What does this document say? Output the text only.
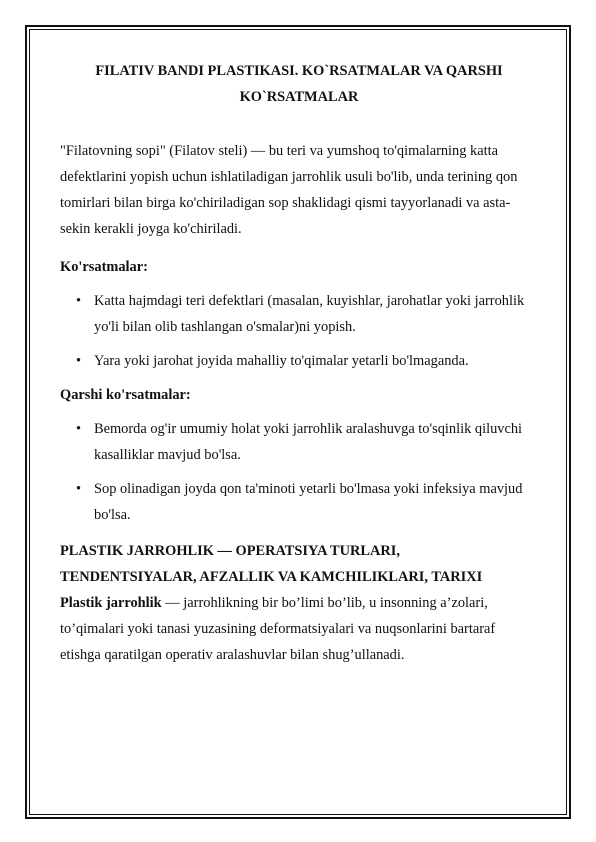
FILATIV BANDI PLASTIKASI. KO`RSATMALAR VA QARSHI KO`RSATMALAR

"Filatovning sopi" (Filatov steli) — bu teri va yumshoq to'qimalarning katta defektlarini yopish uchun ishlatiladigan jarrohlik usuli bo'lib, unda terining qon tomirlari bilan birga ko'chiriladigan sop shaklidagi qismi tayyorlanadi va asta-sekin kerakli joyga ko'chiriladi.

Ko'rsatmalar:

• Katta hajmdagi teri defektlari (masalan, kuyishlar, jarohatlar yoki jarrohlik yo'li bilan olib tashlangan o'smalar)ni yopish.
• Yara yoki jarohat joyida mahalliy to'qimalar yetarli bo'lmaganda.

Qarshi ko'rsatmalar:

• Bemorda og'ir umumiy holat yoki jarrohlik aralashuvga to'sqinlik qiluvchi kasalliklar mavjud bo'lsa.
• Sop olinadigan joyda qon ta'minoti yetarli bo'lmasa yoki infeksiya mavjud bo'lsa.

PLASTIK JARROHLIK — OPERATSIYA TURLARI, TENDENTSIYALAR, AFZALLIK VA KAMCHILIKLARI, TARIXI

Plastik jarrohlik — jarrohlikning bir bo’limi bo’lib, u insonning a’zolari, to’qimalari yoki tanasi yuzasining deformatsiyalari va nuqsonlarini bartaraf etishga qaratilgan operativ aralashuvlar bilan shug’ullanadi.
